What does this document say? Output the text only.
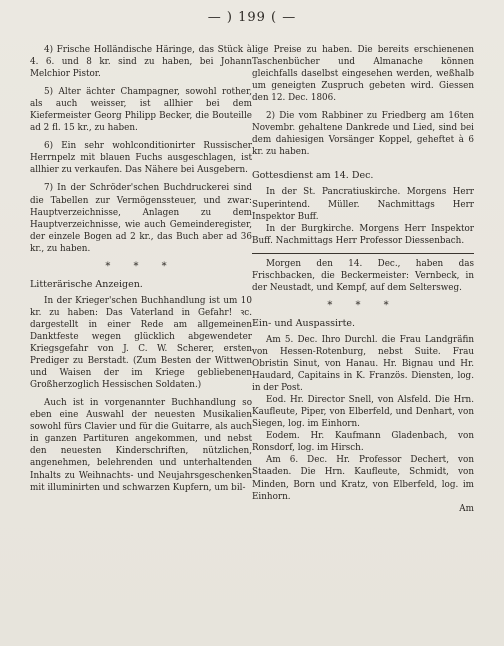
— ) 199 ( —

4) Frische Holländische Häringe, das Stück à 4. 6. und 8 kr. sind zu haben, bei Johann Melchior Pistor.

5) Alter ächter Champagner, sowohl rother, als auch weisser, ist allhier bei dem Kiefermeister Georg Philipp Becker, die Bouteille ad 2 fl. 15 kr., zu haben.

6) Ein sehr wohlconditionirter Russischer Herrnpelz mit blauen Fuchs ausgeschlagen, ist allhier zu verkaufen. Das Nähere bei Ausgebern.

7) In der Schröder'schen Buchdruckerei sind die Tabellen zur Vermögenssteuer, und zwar: Hauptverzeichnisse, Anlagen zu dem Hauptverzeichnisse, wie auch Gemeinderegister, der einzele Bogen ad 2 kr., das Buch aber ad 36 kr., zu haben.

* * *

Litterärische Anzeigen.

In der Krieger'schen Buchhandlung ist um 10 kr. zu haben: Das Vaterland in Gefahr! ꝛc. dargestellt in einer Rede am allgemeinen Danktfeste wegen glücklich abgewendeter Kriegsgefahr von J. C. W. Scherer, ersten Prediger zu Berstadt. (Zum Besten der Wittwen und Waisen der im Kriege gebliebenen Großherzoglich Hessischen Soldaten.)

Auch ist in vorgenannter Buchhandlung so eben eine Auswahl der neuesten Musikalien sowohl fürs Clavier und für die Guitarre, als auch in ganzen Partituren angekommen, und nebst den neuesten Kinderschriften, nützlichen, angenehmen, belehrenden und unterhaltenden Inhalts zu Weihnachts- und Neujahrsgeschenken mit illuminirten und schwarzen Kupfern, um bil-

lige Preise zu haben. Die bereits erschienenen Taschenbücher und Almanache können gleichfalls daselbst eingesehen werden, weßhalb um geneigten Zuspruch gebeten wird. Giessen den 12. Dec. 1806.

2) Die vom Rabbiner zu Friedberg am 16ten Novembr. gehaltene Dankrede und Lied, sind bei dem dahiesigen Vorsänger Koppel, geheftet à 6 kr. zu haben.

Gottesdienst am 14. Dec.

In der St. Pancratiuskirche. Morgens Herr Superintend. Müller. Nachmittags Herr Inspektor Buff.

In der Burgkirche. Morgens Herr Inspektor Buff. Nachmittags Herr Professor Diessenbach.

Morgen den 14. Dec., haben das Frischbacken, die Beckermeister: Vernbeck, in der Neustadt, und Kempf, auf dem Seltersweg.

* * *

Ein- und Auspassirte.

Am 5. Dec. Ihro Durchl. die Frau Landgräfin von Hessen-Rotenburg, nebst Suite. Frau Obristin Sinut, von Hanau. Hr. Bignau und Hr. Haudard, Capitains in K. Französ. Diensten, log. in der Post.

Eod. Hr. Director Snell, von Alsfeld. Die Hrn. Kaufleute, Piper, von Elberfeld, und Denhart, von Siegen, log. im Einhorn.

Eodem. Hr. Kaufmann Gladenbach, von Ronsdorf, log. im Hirsch.

Am 6. Dec. Hr. Professor Dechert, von Staaden. Die Hrn. Kaufleute, Schmidt, von Minden, Born und Kratz, von Elberfeld, log. im Einhorn.

Am
